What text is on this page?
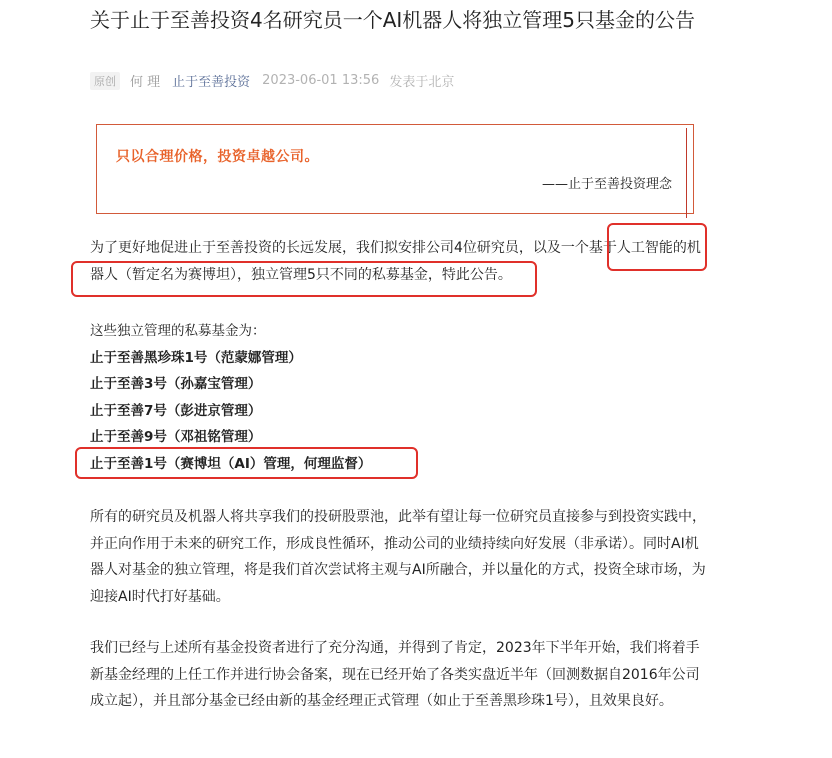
关于止于至善投资4名研究员一个AI机器人将独立管理5只基金的公告
原创	何 理 止于至善投资 2023-06-01 13:56 发表于北京
只以合理价格，投资卓越公司。
——止于至善投资理念

为了更好地促进止于至善投资的长远发展，我们拟安排公司4位研究员，以及一个基于人工智能的机器人（暂定名为赛博坦），独立管理5只不同的私募基金，特此公告。

这些独立管理的私募基金为：
止于至善黑珍珠1号（范蒙娜管理）
止于至善3号（孙嘉宝管理）
止于至善7号（彭进京管理）
止于至善9号（邓祖铭管理）
止于至善1号（赛博坦（AI）管理，何理监督）

所有的研究员及机器人将共享我们的投研股票池，此举有望让每一位研究员直接参与到投资实践中，并正向作用于未来的研究工作，形成良性循环，推动公司的业绩持续向好发展（非承诺）。同时AI机器人对基金的独立管理，将是我们首次尝试将主观与AI所融合，并以量化的方式，投资全球市场，为迎接AI时代打好基础。

我们已经与上述所有基金投资者进行了充分沟通，并得到了肯定，2023年下半年开始，我们将着手新基金经理的上任工作并进行协会备案，现在已经开始了各类实盘近半年（回测数据自2016年公司成立起），并且部分基金已经由新的基金经理正式管理（如止于至善黑珍珠1号），且效果良好。
